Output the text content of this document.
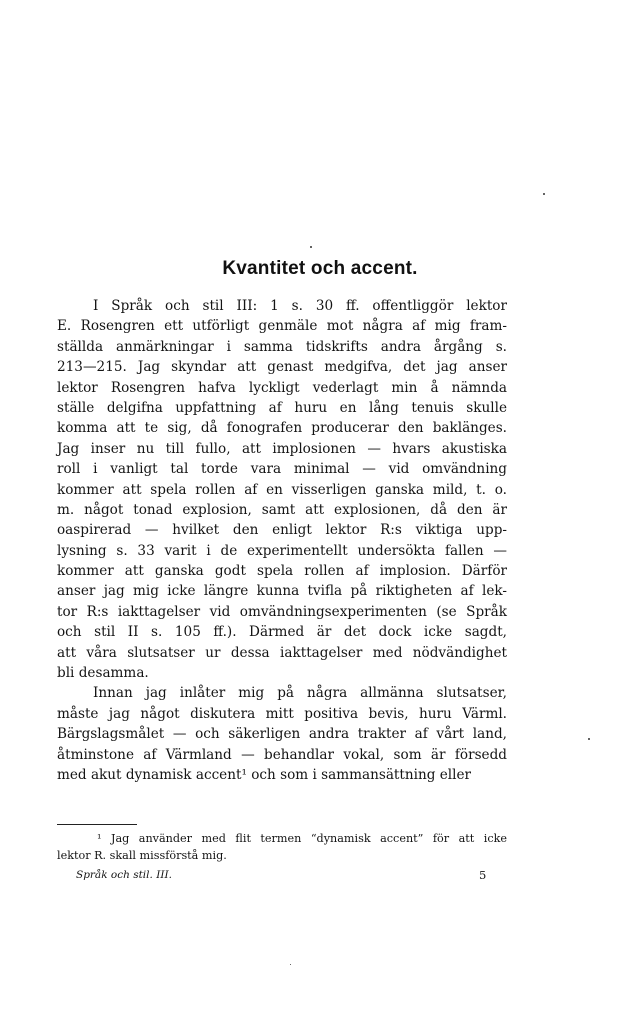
Kvantitet och accent.
I Språk och stil III: 1 s. 30 ff. offentliggör lektor
E. Rosengren ett utförligt genmäle mot några af mig fram-
ställda anmärkningar i samma tidskrifts andra årgång s.
213—215. Jag skyndar att genast medgifva, det jag anser
lektor Rosengren hafva lyckligt vederlagt min å nämnda
ställe delgifna uppfattning af huru en lång tenuis skulle
komma att te sig, då fonografen producerar den baklänges.
Jag inser nu till fullo, att implosionen — hvars akustiska
roll i vanligt tal torde vara minimal — vid omvändning
kommer att spela rollen af en visserligen ganska mild, t. o.
m. något tonad explosion, samt att explosionen, då den är
oaspirerad — hvilket den enligt lektor R:s viktiga upp-
lysning s. 33 varit i de experimentellt undersökta fallen —
kommer att ganska godt spela rollen af implosion. Därför
anser jag mig icke längre kunna tvifla på riktigheten af lek-
tor R:s iakttagelser vid omvändningsexperimenten (se Språk
och stil II s. 105 ff.). Därmed är det dock icke sagdt,
att våra slutsatser ur dessa iakttagelser med nödvändighet
bli desamma.
Innan jag inlåter mig på några allmänna slutsatser,
måste jag något diskutera mitt positiva bevis, huru Värml.
Bärgslagsmålet — och säkerligen andra trakter af vårt land,
åtminstone af Värmland — behandlar vokal, som är försedd
med akut dynamisk accent¹ och som i sammansättning eller
¹ Jag använder med flit termen “dynamisk accent” för att icke
lektor R. skall missförstå mig.
Språk och stil. III.	5
